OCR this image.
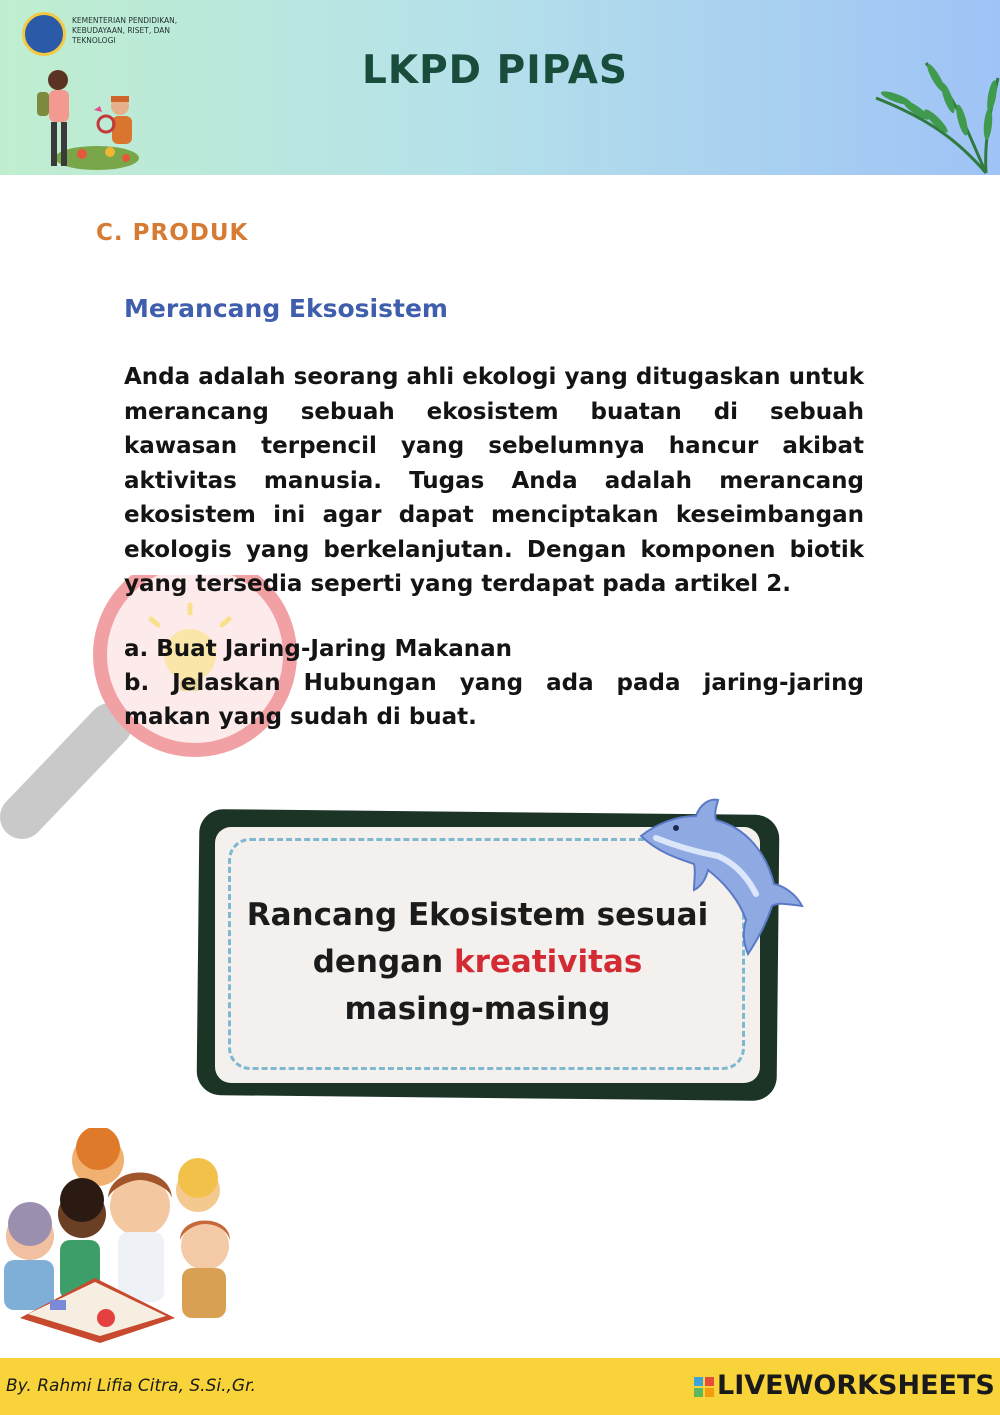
KEMENTERIAN PENDIDIKAN, KEBUDAYAAN, RISET, DAN TEKNOLOGI
LKPD PIPAS
C. PRODUK
Merancang Eksosistem

Anda adalah seorang ahli ekologi yang ditugaskan untuk merancang sebuah ekosistem buatan di sebuah kawasan terpencil yang sebelumnya hancur akibat aktivitas manusia. Tugas Anda adalah merancang ekosistem ini agar dapat menciptakan keseimbangan ekologis yang berkelanjutan. Dengan komponen biotik yang tersedia seperti yang terdapat pada artikel 2.

a. Buat Jaring-Jaring Makanan

b. Jelaskan Hubungan yang ada pada jaring-jaring makan yang sudah di buat.

Rancang Ekosistem sesuai
dengan kreativitas
masing-masing
By. Rahmi Lifia Citra, S.Si.,Gr.	LIVEWORKSHEETS
